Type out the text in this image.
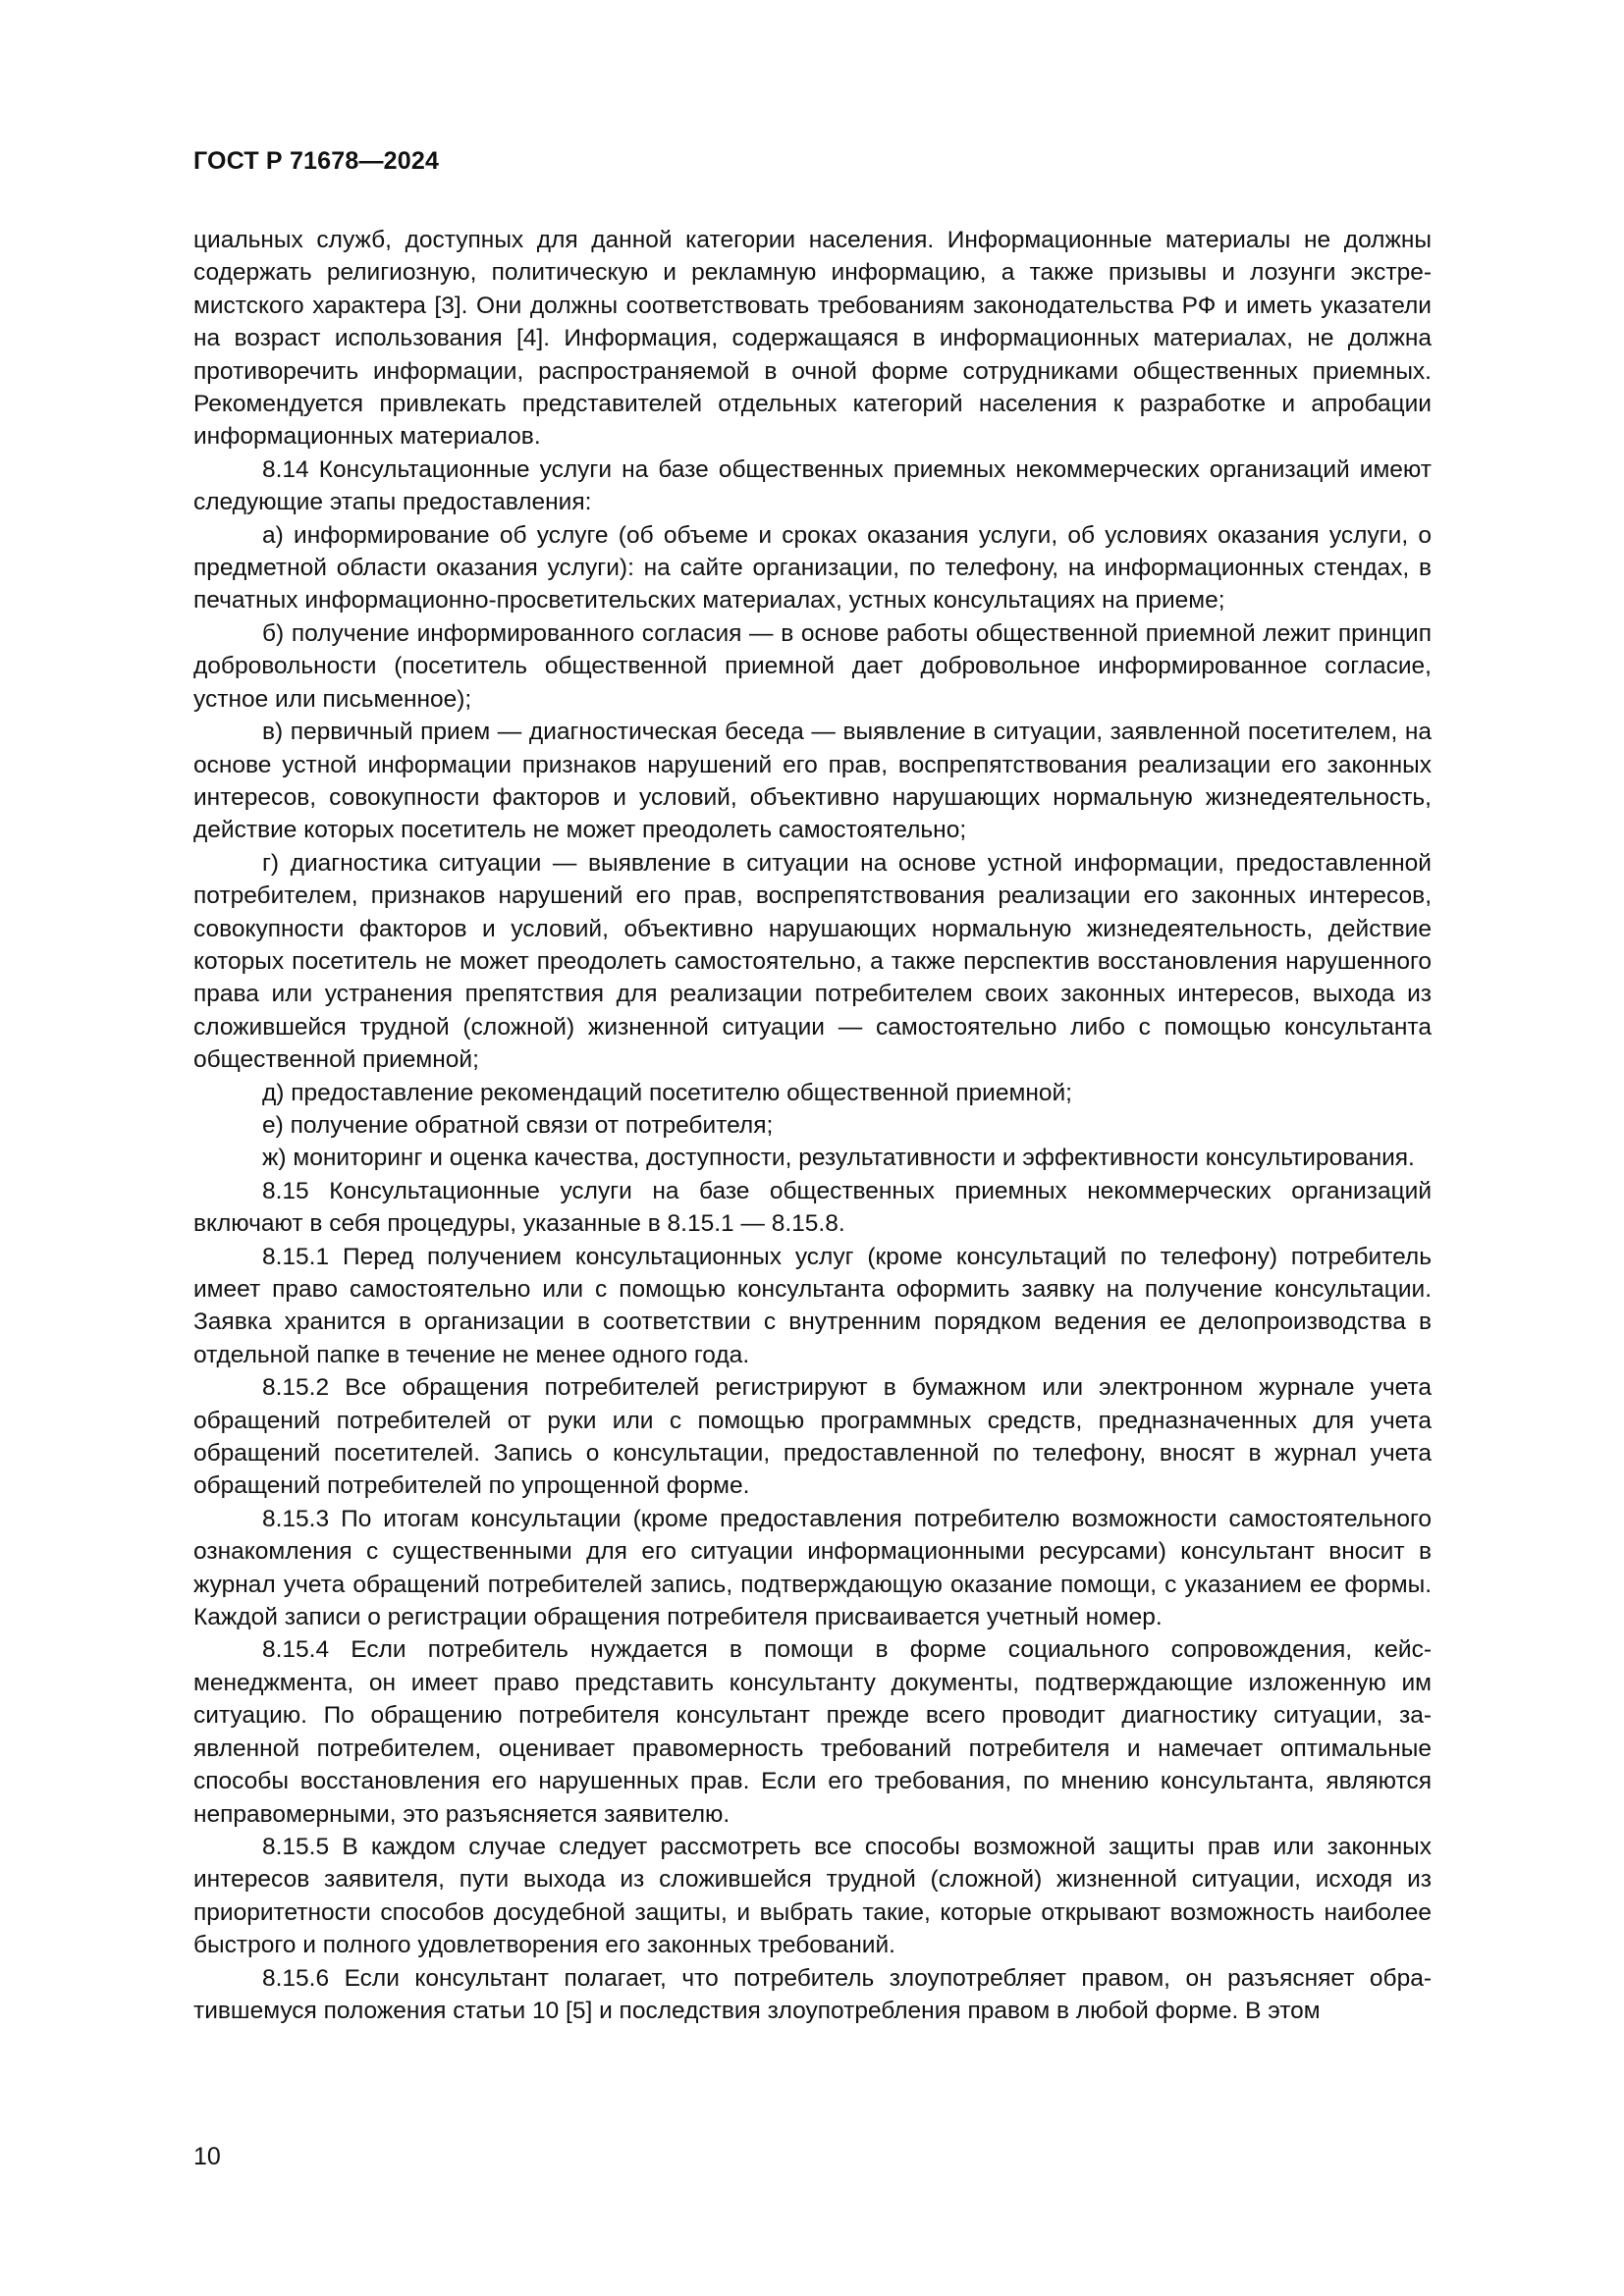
ГОСТ Р 71678—2024

циальных служб, доступных для данной категории населения. Информационные материалы не должны содержать религиозную, политическую и рекламную информацию, а также призывы и лозунги экстремистского характера [3]. Они должны соответствовать требованиям законодательства РФ и иметь указатели на возраст использования [4]. Информация, содержащаяся в информационных материалах, не должна противоречить информации, распространяемой в очной форме сотрудниками общественных приемных. Рекомендуется привлекать представителей отдельных категорий населения к разработке и апробации информационных материалов.

8.14 Консультационные услуги на базе общественных приемных некоммерческих организаций имеют следующие этапы предоставления:

а) информирование об услуге (об объеме и сроках оказания услуги, об условиях оказания услуги, о предметной области оказания услуги): на сайте организации, по телефону, на информационных стендах, в печатных информационно-просветительских материалах, устных консультациях на приеме;

б) получение информированного согласия — в основе работы общественной приемной лежит принцип добровольности (посетитель общественной приемной дает добровольное информированное согласие, устное или письменное);

в) первичный прием — диагностическая беседа — выявление в ситуации, заявленной посетителем, на основе устной информации признаков нарушений его прав, воспрепятствования реализации его законных интересов, совокупности факторов и условий, объективно нарушающих нормальную жизнедеятельность, действие которых посетитель не может преодолеть самостоятельно;

г) диагностика ситуации — выявление в ситуации на основе устной информации, предоставленной потребителем, признаков нарушений его прав, воспрепятствования реализации его законных интересов, совокупности факторов и условий, объективно нарушающих нормальную жизнедеятельность, действие которых посетитель не может преодолеть самостоятельно, а также перспектив восстановления нарушенного права или устранения препятствия для реализации потребителем своих законных интересов, выхода из сложившейся трудной (сложной) жизненной ситуации — самостоятельно либо с помощью консультанта общественной приемной;

д) предоставление рекомендаций посетителю общественной приемной;

е) получение обратной связи от потребителя;

ж) мониторинг и оценка качества, доступности, результативности и эффективности консультирования.

8.15 Консультационные услуги на базе общественных приемных некоммерческих организаций включают в себя процедуры, указанные в 8.15.1 — 8.15.8.

8.15.1 Перед получением консультационных услуг (кроме консультаций по телефону) потребитель имеет право самостоятельно или с помощью консультанта оформить заявку на получение консультации. Заявка хранится в организации в соответствии с внутренним порядком ведения ее делопроизводства в отдельной папке в течение не менее одного года.

8.15.2 Все обращения потребителей регистрируют в бумажном или электронном журнале учета обращений потребителей от руки или с помощью программных средств, предназначенных для учета обращений посетителей. Запись о консультации, предоставленной по телефону, вносят в журнал учета обращений потребителей по упрощенной форме.

8.15.3 По итогам консультации (кроме предоставления потребителю возможности самостоятельного ознакомления с существенными для его ситуации информационными ресурсами) консультант вносит в журнал учета обращений потребителей запись, подтверждающую оказание помощи, с указанием ее формы. Каждой записи о регистрации обращения потребителя присваивается учетный номер.

8.15.4 Если потребитель нуждается в помощи в форме социального сопровождения, кейс-менеджмента, он имеет право представить консультанту документы, подтверждающие изложенную им ситуацию. По обращению потребителя консультант прежде всего проводит диагностику ситуации, заявленной потребителем, оценивает правомерность требований потребителя и намечает оптимальные способы восстановления его нарушенных прав. Если его требования, по мнению консультанта, являются неправомерными, это разъясняется заявителю.

8.15.5 В каждом случае следует рассмотреть все способы возможной защиты прав или законных интересов заявителя, пути выхода из сложившейся трудной (сложной) жизненной ситуации, исходя из приоритетности способов досудебной защиты, и выбрать такие, которые открывают возможность наиболее быстрого и полного удовлетворения его законных требований.

8.15.6 Если консультант полагает, что потребитель злоупотребляет правом, он разъясняет обратившемуся положения статьи 10 [5] и последствия злоупотребления правом в любой форме. В этом

10
